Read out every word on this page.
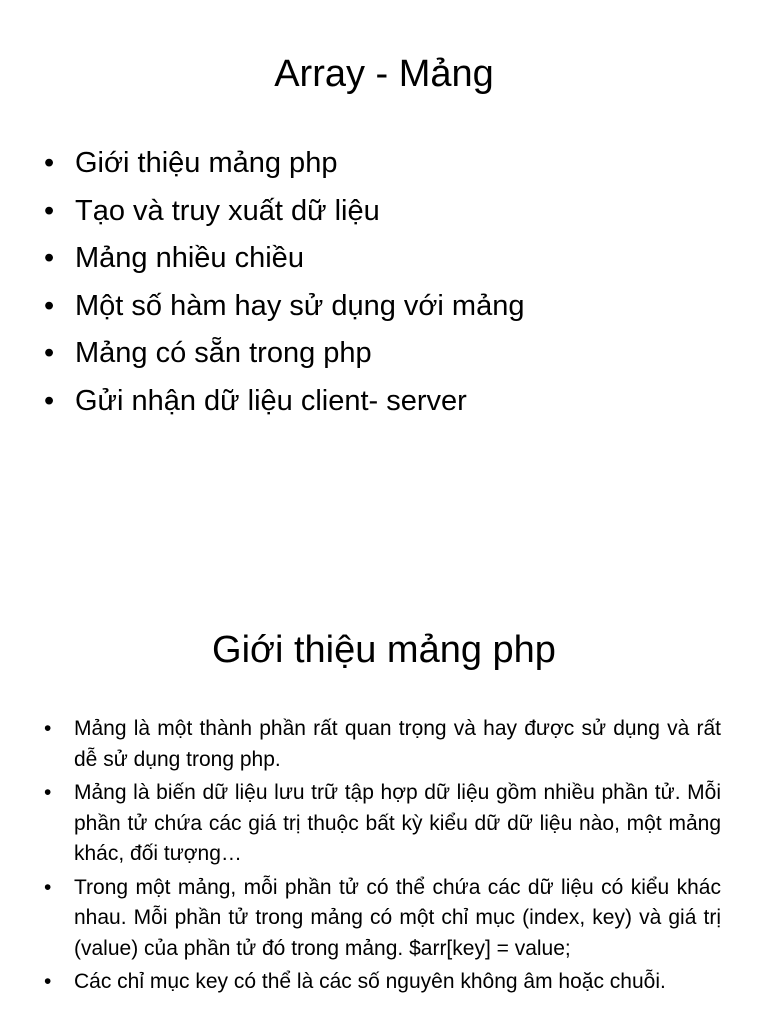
Array - Mảng
• Giới thiệu mảng php
• Tạo và truy xuất dữ liệu
• Mảng nhiều chiều
• Một số hàm hay sử dụng với mảng
• Mảng có sẵn trong php
• Gửi nhận dữ liệu client- server
Giới thiệu mảng php
• Mảng là một thành phần rất quan trọng và hay được sử dụng và rất dễ sử dụng trong php.
• Mảng là biến dữ liệu lưu trữ tập hợp dữ liệu gồm nhiều phần tử. Mỗi phần tử chứa các giá trị thuộc bất kỳ kiểu dữ dữ liệu nào, một mảng khác, đối tượng…
• Trong một mảng, mỗi phần tử có thể chứa các dữ liệu có kiểu khác nhau. Mỗi phần tử trong mảng có một chỉ mục (index, key) và giá trị (value) của phần tử đó trong mảng. $arr[key] = value;
• Các chỉ mục key có thể là các số nguyên không âm hoặc chuỗi.
